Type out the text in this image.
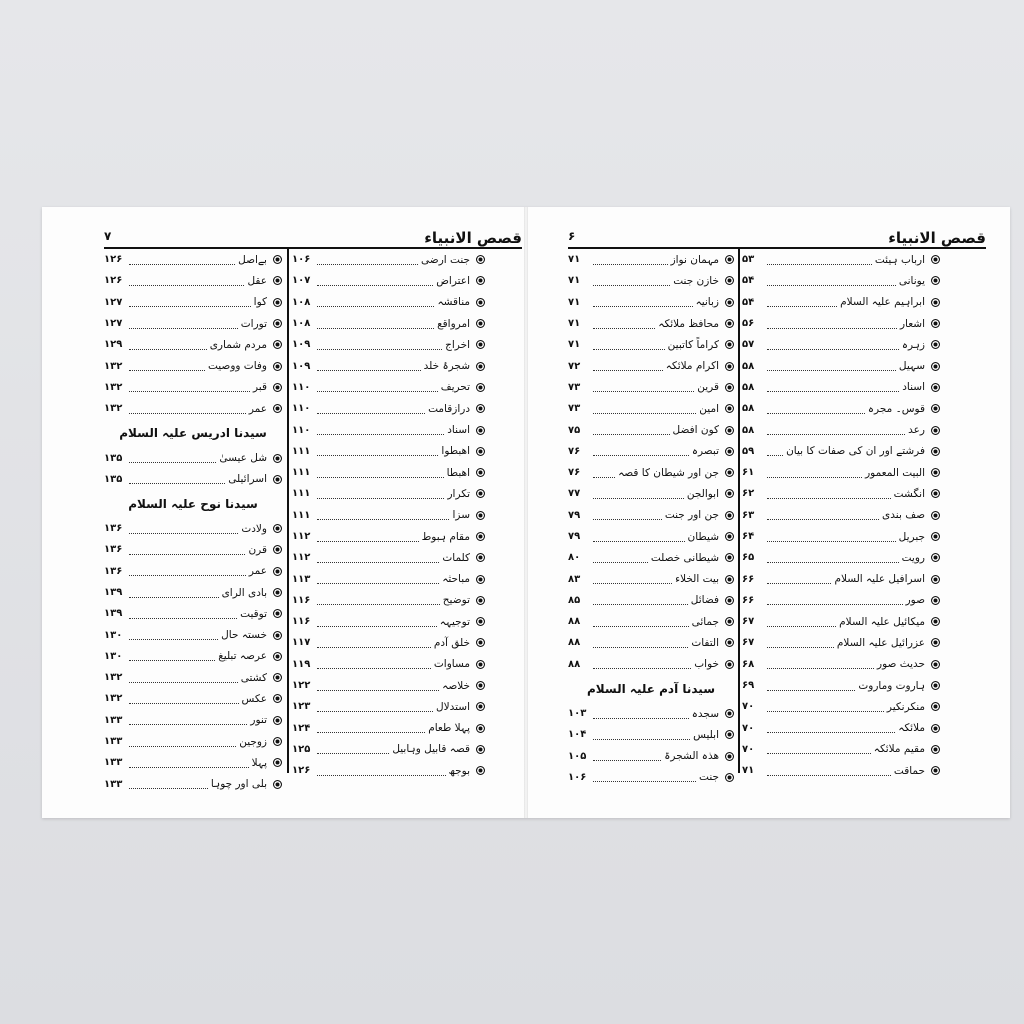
قصص الانبیاء
۷
جنت ارضی
۱۰۶
اعتراض
۱۰۷
مناقشہ
۱۰۸
امرواقع
۱۰۸
اخراج
۱۰۹
شجرۂ خلد
۱۰۹
تحریف
۱۱۰
درازقامت
۱۱۰
اسناد
۱۱۰
اھبطوا
۱۱۱
اھبطا
۱۱۱
تکرار
۱۱۱
سزا
۱۱۱
مقام ہبوط
۱۱۲
کلمات
۱۱۲
مباحثہ
۱۱۳
توضیح
۱۱۶
توجیہہ
۱۱۶
خلق آدم
۱۱۷
مساوات
۱۱۹
خلاصہ
۱۲۲
استدلال
۱۲۳
پہلا طعام
۱۲۴
قصہ قابیل وہابیل
۱۲۵
بوجھ
۱۲۶
بےاصل
۱۲۶
عقل
۱۲۶
کوا
۱۲۷
تورات
۱۲۷
مردم شماری
۱۲۹
وفات ووصیت
۱۳۲
قبر
۱۳۲
عمر
۱۳۲
سیدنا ادریس علیہ السلام
شل عیسیٰ
۱۳۵
اسرائیلی
۱۳۵
سیدنا نوح علیہ السلام
ولادت
۱۳۶
قرن
۱۳۶
عمر
۱۳۶
بادی الرای
۱۳۹
توقیت
۱۳۹
خستہ حال
۱۳۰
عرصہ تبلیغ
۱۳۰
کشتی
۱۳۲
عکس
۱۳۲
تنور
۱۳۳
زوجین
۱۳۳
پہلا
۱۳۳
بلی اور چوہا
۱۳۳
قصص الانبیاء
۶
ارباب ہیئت
۵۳
یونانی
۵۴
ابراہیم علیہ السلام
۵۴
اشعار
۵۶
زہرہ
۵۷
سہیل
۵۸
اسناد
۵۸
قوس۔ مجرہ
۵۸
رعد
۵۸
فرشتے اور ان کی صفات کا بیان
۵۹
البیت المعمور
۶۱
انگشت
۶۲
صف بندی
۶۳
جبریل
۶۴
رویت
۶۵
اسرافیل علیہ السلام
۶۶
صور
۶۶
میکائیل علیہ السلام
۶۷
عزرائیل علیہ السلام
۶۷
حدیث صور
۶۸
ہاروت وماروت
۶۹
منکرنکیر
۷۰
ملائکہ
۷۰
مقیم ملائکہ
۷۰
حماقت
۷۱
مہمان نواز
۷۱
خازن جنت
۷۱
زبانیہ
۷۱
محافظ ملائکہ
۷۱
کراماً کاتبین
۷۱
اکرام ملائکہ
۷۲
قرین
۷۳
امین
۷۳
کون افضل
۷۵
تبصرہ
۷۶
جن اور شیطان کا قصہ
۷۶
ابوالجن
۷۷
جن اور جنت
۷۹
شیطان
۷۹
شیطانی خصلت
۸۰
بیت الخلاء
۸۳
فضائل
۸۵
جمائی
۸۸
التفات
۸۸
خواب
۸۸
سیدنا آدم علیہ السلام
سجدہ
۱۰۳
ابلیس
۱۰۴
ھذہ الشجرۃ
۱۰۵
جنت
۱۰۶
